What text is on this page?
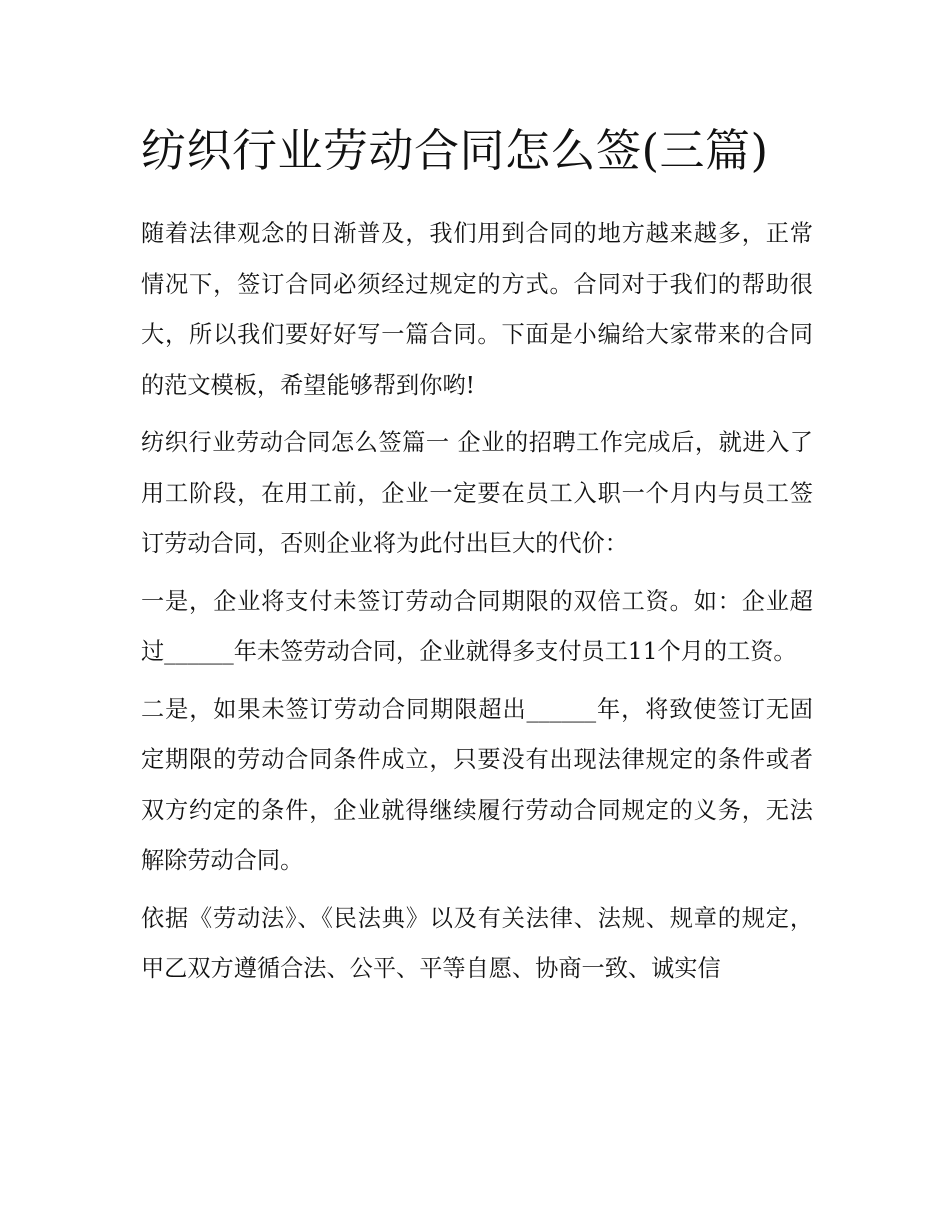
纺织行业劳动合同怎么签(三篇)

随着法律观念的日渐普及，我们用到合同的地方越来越多，正常情况下，签订合同必须经过规定的方式。合同对于我们的帮助很大，所以我们要好好写一篇合同。下面是小编给大家带来的合同的范文模板，希望能够帮到你哟!

纺织行业劳动合同怎么签篇一 企业的招聘工作完成后，就进入了用工阶段，在用工前，企业一定要在员工入职一个月内与员工签订劳动合同，否则企业将为此付出巨大的代价：

一是，企业将支付未签订劳动合同期限的双倍工资。如：企业超过______年未签劳动合同，企业就得多支付员工11个月的工资。

二是，如果未签订劳动合同期限超出______年，将致使签订无固定期限的劳动合同条件成立，只要没有出现法律规定的条件或者双方约定的条件，企业就得继续履行劳动合同规定的义务，无法解除劳动合同。

依据《劳动法》、《民法典》以及有关法律、法规、规章的规定，甲乙双方遵循合法、公平、平等自愿、协商一致、诚实信
